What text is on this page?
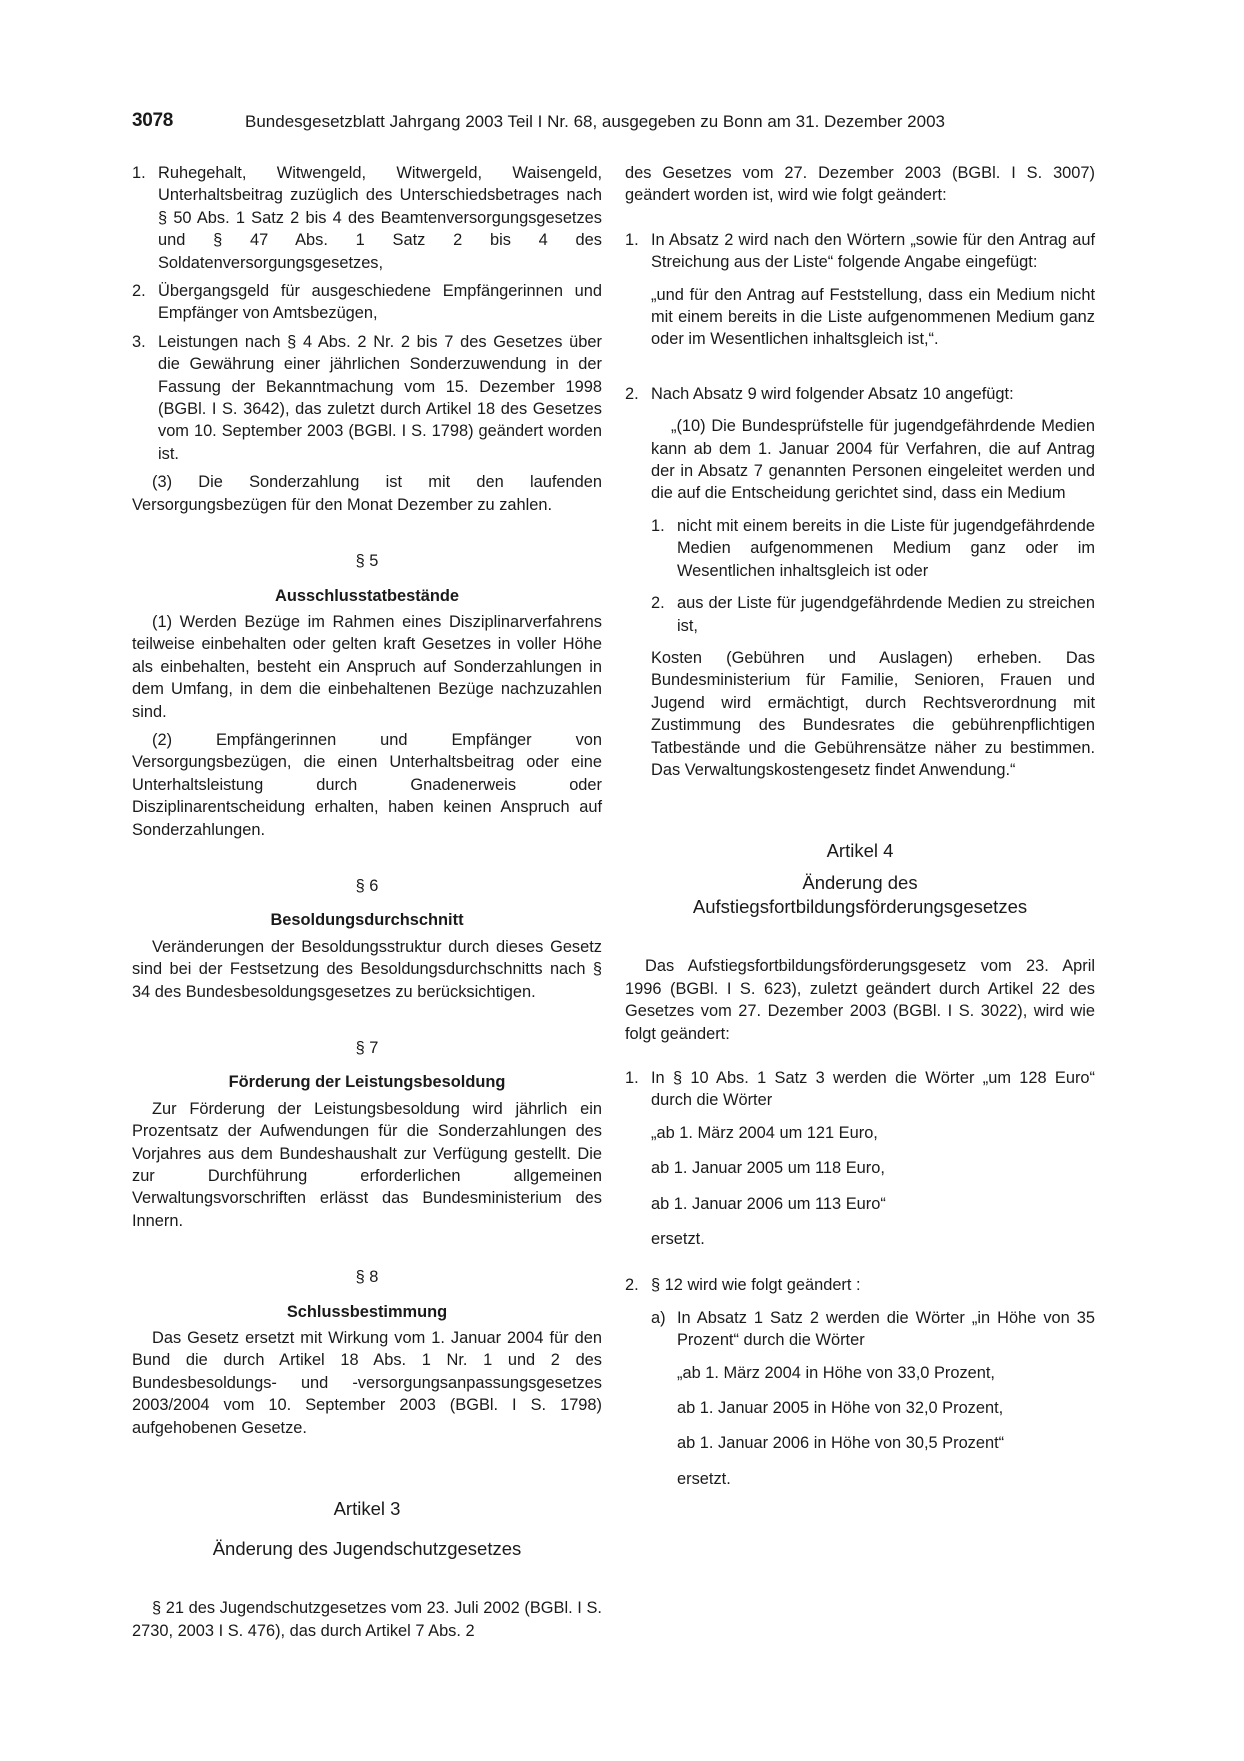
3078	Bundesgesetzblatt Jahrgang 2003 Teil I Nr. 68, ausgegeben zu Bonn am 31. Dezember 2003
1. Ruhegehalt, Witwengeld, Witwergeld, Waisengeld, Unterhaltsbeitrag zuzüglich des Unterschiedsbetrages nach § 50 Abs. 1 Satz 2 bis 4 des Beamtenversorgungsgesetzes und § 47 Abs. 1 Satz 2 bis 4 des Soldatenversorgungsgesetzes,
2. Übergangsgeld für ausgeschiedene Empfängerinnen und Empfänger von Amtsbezügen,
3. Leistungen nach § 4 Abs. 2 Nr. 2 bis 7 des Gesetzes über die Gewährung einer jährlichen Sonderzuwendung in der Fassung der Bekanntmachung vom 15. Dezember 1998 (BGBl. I S. 3642), das zuletzt durch Artikel 18 des Gesetzes vom 10. September 2003 (BGBl. I S. 1798) geändert worden ist.

(3) Die Sonderzahlung ist mit den laufenden Versorgungsbezügen für den Monat Dezember zu zahlen.

§ 5

Ausschlusstatbestände

(1) Werden Bezüge im Rahmen eines Disziplinarverfahrens teilweise einbehalten oder gelten kraft Gesetzes in voller Höhe als einbehalten, besteht ein Anspruch auf Sonderzahlungen in dem Umfang, in dem die einbehaltenen Bezüge nachzuzahlen sind.

(2) Empfängerinnen und Empfänger von Versorgungsbezügen, die einen Unterhaltsbeitrag oder eine Unterhaltsleistung durch Gnadenerweis oder Disziplinarentscheidung erhalten, haben keinen Anspruch auf Sonderzahlungen.

§ 6

Besoldungsdurchschnitt

Veränderungen der Besoldungsstruktur durch dieses Gesetz sind bei der Festsetzung des Besoldungsdurchschnitts nach § 34 des Bundesbesoldungsgesetzes zu berücksichtigen.

§ 7

Förderung der Leistungsbesoldung

Zur Förderung der Leistungsbesoldung wird jährlich ein Prozentsatz der Aufwendungen für die Sonderzahlungen des Vorjahres aus dem Bundeshaushalt zur Verfügung gestellt. Die zur Durchführung erforderlichen allgemeinen Verwaltungsvorschriften erlässt das Bundesministerium des Innern.

§ 8

Schlussbestimmung

Das Gesetz ersetzt mit Wirkung vom 1. Januar 2004 für den Bund die durch Artikel 18 Abs. 1 Nr. 1 und 2 des Bundesbesoldungs- und -versorgungsanpassungsgesetzes 2003/2004 vom 10. September 2003 (BGBl. I S. 1798) aufgehobenen Gesetze.

Artikel 3

Änderung des Jugendschutzgesetzes

§ 21 des Jugendschutzgesetzes vom 23. Juli 2002 (BGBl. I S. 2730, 2003 I S. 476), das durch Artikel 7 Abs. 2

des Gesetzes vom 27. Dezember 2003 (BGBl. I S. 3007) geändert worden ist, wird wie folgt geändert:

1. In Absatz 2 wird nach den Wörtern „sowie für den Antrag auf Streichung aus der Liste“ folgende Angabe eingefügt:

„und für den Antrag auf Feststellung, dass ein Medium nicht mit einem bereits in die Liste aufgenommenen Medium ganz oder im Wesentlichen inhaltsgleich ist,“.

2. Nach Absatz 9 wird folgender Absatz 10 angefügt:

„(10) Die Bundesprüfstelle für jugendgefährdende Medien kann ab dem 1. Januar 2004 für Verfahren, die auf Antrag der in Absatz 7 genannten Personen eingeleitet werden und die auf die Entscheidung gerichtet sind, dass ein Medium

1. nicht mit einem bereits in die Liste für jugendgefährdende Medien aufgenommenen Medium ganz oder im Wesentlichen inhaltsgleich ist oder
2. aus der Liste für jugendgefährdende Medien zu streichen ist,

Kosten (Gebühren und Auslagen) erheben. Das Bundesministerium für Familie, Senioren, Frauen und Jugend wird ermächtigt, durch Rechtsverordnung mit Zustimmung des Bundesrates die gebührenpflichtigen Tatbestände und die Gebührensätze näher zu bestimmen. Das Verwaltungskostengesetz findet Anwendung.“

Artikel 4

Änderung des
Aufstiegsfortbildungsförderungsgesetzes

Das Aufstiegsfortbildungsförderungsgesetz vom 23. April 1996 (BGBl. I S. 623), zuletzt geändert durch Artikel 22 des Gesetzes vom 27. Dezember 2003 (BGBl. I S. 3022), wird wie folgt geändert:

1. In § 10 Abs. 1 Satz 3 werden die Wörter „um 128 Euro“ durch die Wörter

„ab 1. März 2004 um 121 Euro,

ab 1. Januar 2005 um 118 Euro,

ab 1. Januar 2006 um 113 Euro“

ersetzt.

2. § 12 wird wie folgt geändert :
a) In Absatz 1 Satz 2 werden die Wörter „in Höhe von 35 Prozent“ durch die Wörter

„ab 1. März 2004 in Höhe von 33,0 Prozent,

ab 1. Januar 2005 in Höhe von 32,0 Prozent,

ab 1. Januar 2006 in Höhe von 30,5 Prozent“

ersetzt.
